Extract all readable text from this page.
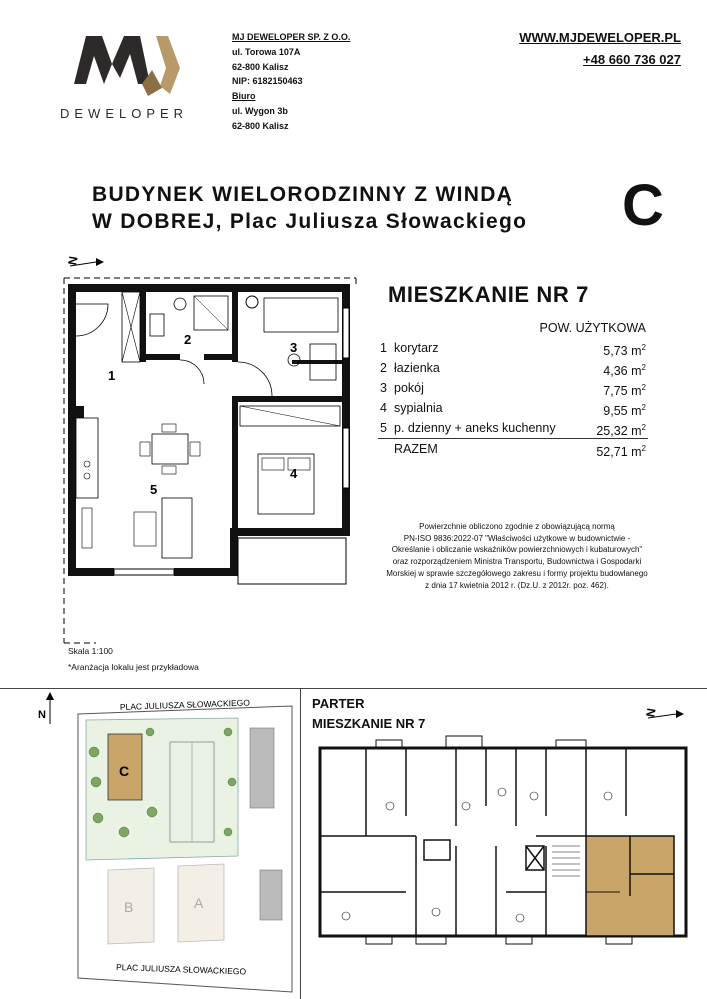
DEWELOPER
MJ DEWELOPER SP. Z O.O.
ul. Torowa 107A
62-800 Kalisz
NIP: 6182150463
Biuro
ul. Wygon 3b
62-800 Kalisz
WWW.MJDEWELOPER.PL
+48 660 736 027
BUDYNEK WIELORODZINNY Z WINDĄ
W DOBREJ, Plac Juliusza Słowackiego C
MIESZKANIE NR 7
POW. UŻYTKOWA
1 korytarz	5,73 $m^2$
2 łazienka	4,36 $m^2$
3 pokój	7,75 $m^2$
4 sypialnia	9,55 $m^2$
5 p. dzienny + aneks kuchenny	25,32 $m^2$
RAZEM	52,71 $m^2$
Powierzchnie obliczono zgodnie z obowiązującą normą
PN-ISO 9836:2022-07 "Właściwości użytkowe w budownictwie -
Określanie i obliczanie wskaźników powierzchniowych i kubaturowych"
oraz rozporządzeniem Ministra Transportu, Budownictwa i Gospodarki
Morskiej w sprawie szczegółowego zakresu i formy projektu budowlanego
z dnia 17 kwietnia 2012 r. (Dz.U. z 2012r. poz. 462).
N
1
2
3
4
5
Skala 1:100
*Aranżacja lokalu jest przykładowa
N
C
B	A
PLAC JULIUSZA SŁOWACKIEGO
PLAC JULIUSZA SŁOWACKIEGO
PARTER
MIESZKANIE NR 7
N
